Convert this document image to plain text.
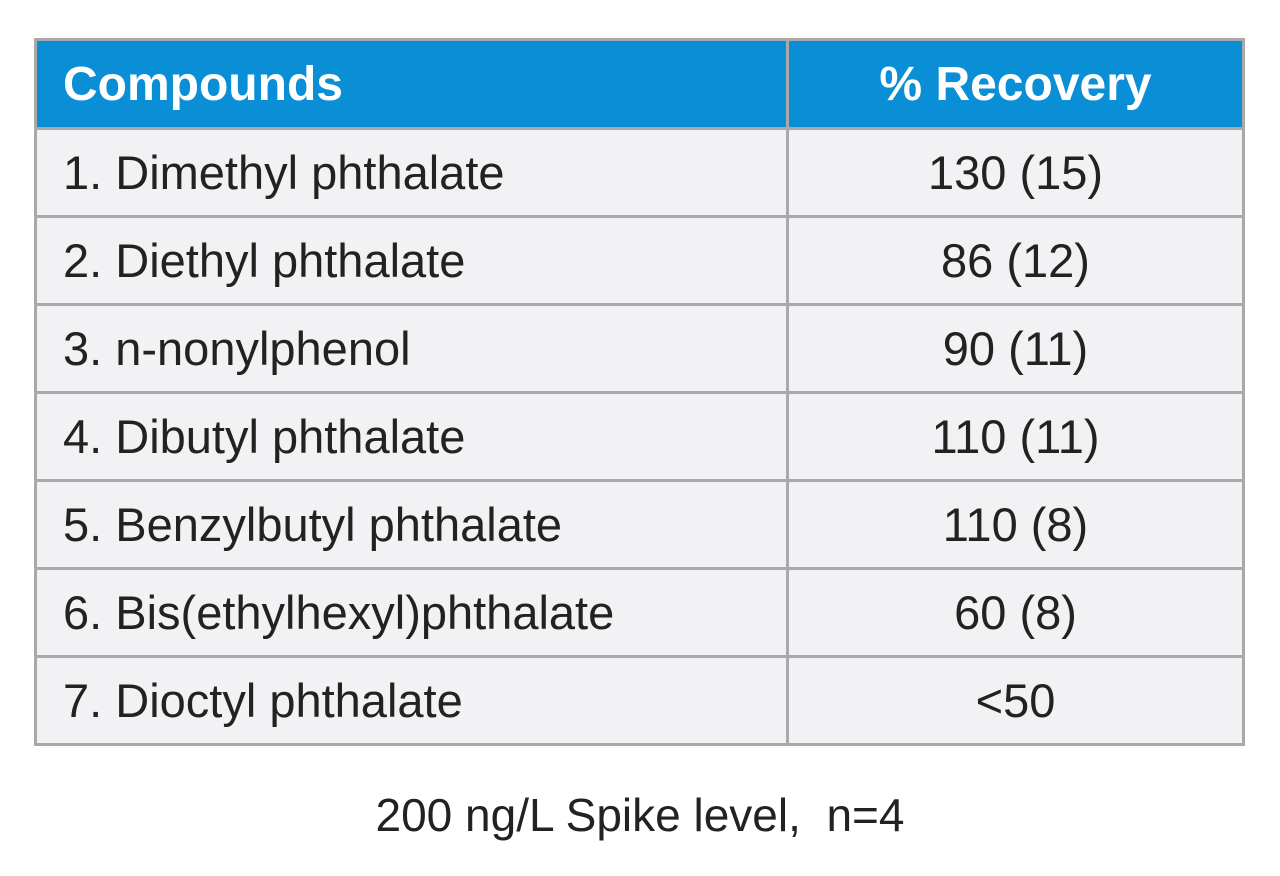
Compounds	% Recovery
1. Dimethyl phthalate	130 (15)
2. Diethyl phthalate	86 (12)
3. n-nonylphenol	90 (11)
4. Dibutyl phthalate	110 (11)
5. Benzylbutyl phthalate	110 (8)
6. Bis(ethylhexyl)phthalate	60 (8)
7. Dioctyl phthalate	<50
200 ng/L Spike level,  n=4
